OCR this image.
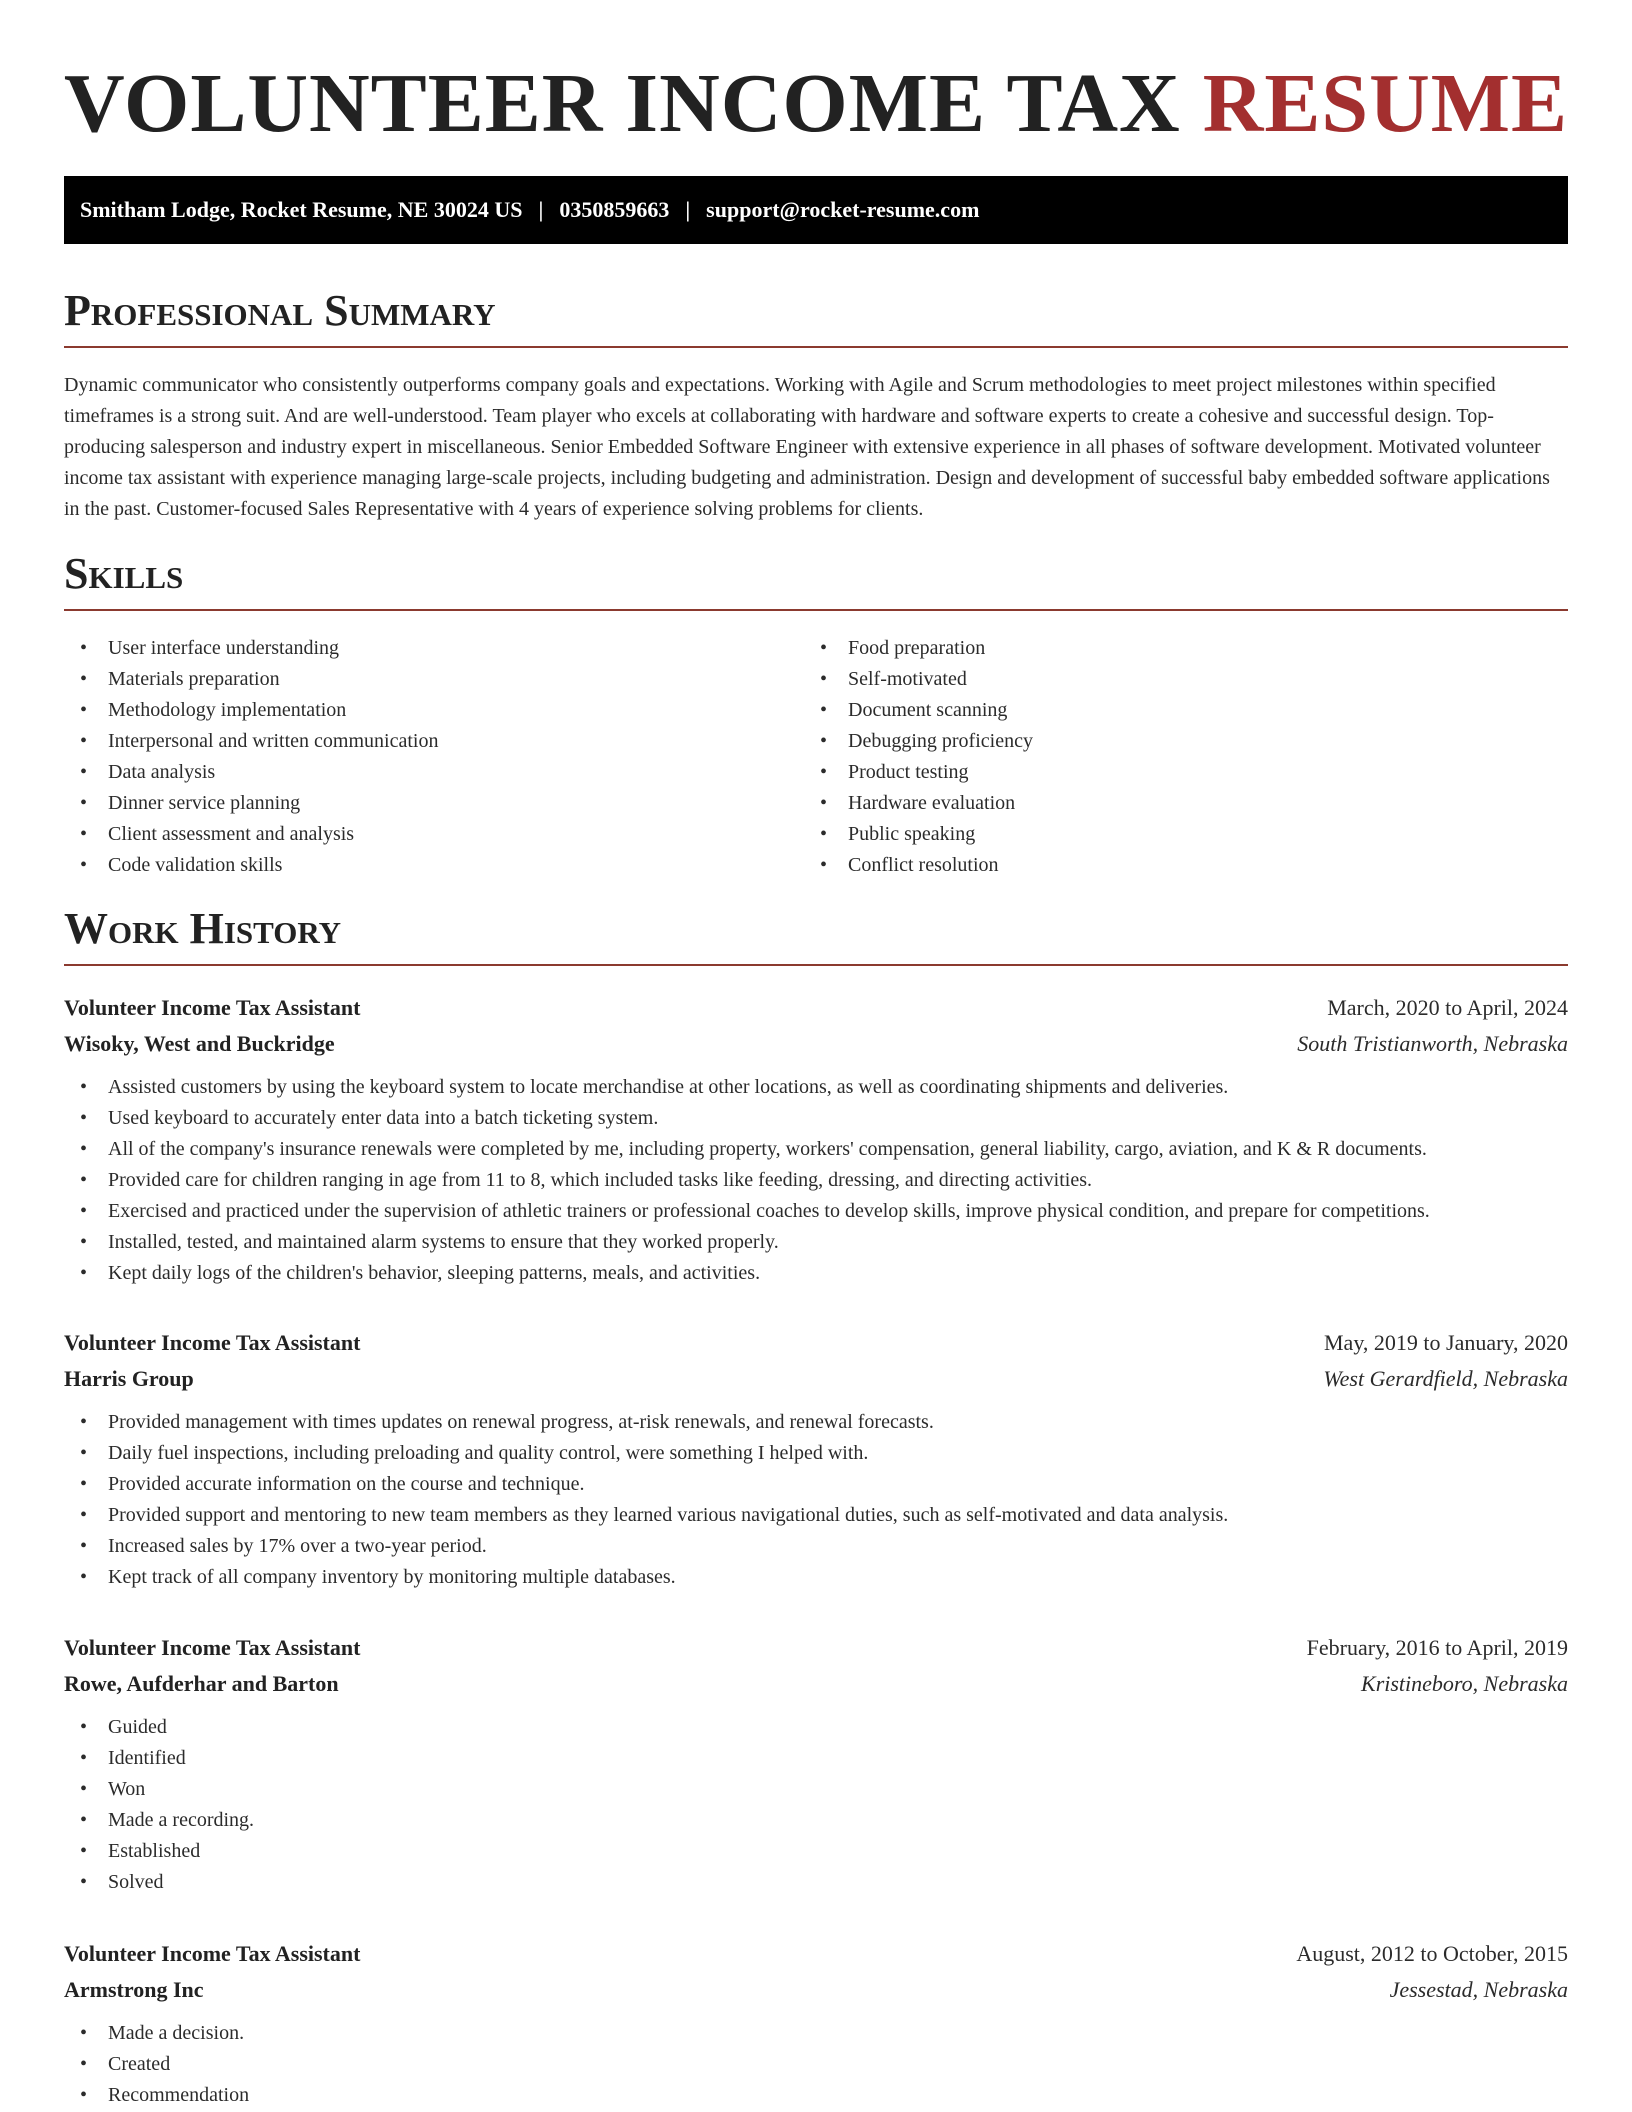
VOLUNTEER INCOME TAX RESUME
Smitham Lodge, Rocket Resume, NE 30024 US | 0350859663 | support@rocket-resume.com
Professional Summary

Dynamic communicator who consistently outperforms company goals and expectations. Working with Agile and Scrum methodologies to meet project milestones within specified timeframes is a strong suit. And are well-understood. Team player who excels at collaborating with hardware and software experts to create a cohesive and successful design. Top-producing salesperson and industry expert in miscellaneous. Senior Embedded Software Engineer with extensive experience in all phases of software development. Motivated volunteer income tax assistant with experience managing large-scale projects, including budgeting and administration. Design and development of successful baby embedded software applications in the past. Customer-focused Sales Representative with 4 years of experience solving problems for clients.

Skills
• User interface understanding
• Materials preparation
• Methodology implementation
• Interpersonal and written communication
• Data analysis
• Dinner service planning
• Client assessment and analysis
• Code validation skills
• Food preparation
• Self-motivated
• Document scanning
• Debugging proficiency
• Product testing
• Hardware evaluation
• Public speaking
• Conflict resolution
Work History
Volunteer Income Tax Assistant	March, 2020 to April, 2024
Wisoky, West and Buckridge	South Tristianworth, Nebraska
• Assisted customers by using the keyboard system to locate merchandise at other locations, as well as coordinating shipments and deliveries.
• Used keyboard to accurately enter data into a batch ticketing system.
• All of the company's insurance renewals were completed by me, including property, workers' compensation, general liability, cargo, aviation, and K & R documents.
• Provided care for children ranging in age from 11 to 8, which included tasks like feeding, dressing, and directing activities.
• Exercised and practiced under the supervision of athletic trainers or professional coaches to develop skills, improve physical condition, and prepare for competitions.
• Installed, tested, and maintained alarm systems to ensure that they worked properly.
• Kept daily logs of the children's behavior, sleeping patterns, meals, and activities.
Volunteer Income Tax Assistant	May, 2019 to January, 2020
Harris Group	West Gerardfield, Nebraska
• Provided management with times updates on renewal progress, at-risk renewals, and renewal forecasts.
• Daily fuel inspections, including preloading and quality control, were something I helped with.
• Provided accurate information on the course and technique.
• Provided support and mentoring to new team members as they learned various navigational duties, such as self-motivated and data analysis.
• Increased sales by 17% over a two-year period.
• Kept track of all company inventory by monitoring multiple databases.
Volunteer Income Tax Assistant	February, 2016 to April, 2019
Rowe, Aufderhar and Barton	Kristineboro, Nebraska
• Guided
• Identified
• Won
• Made a recording.
• Established
• Solved
Volunteer Income Tax Assistant	August, 2012 to October, 2015
Armstrong Inc	Jessestad, Nebraska
• Made a decision.
• Created
• Recommendation
